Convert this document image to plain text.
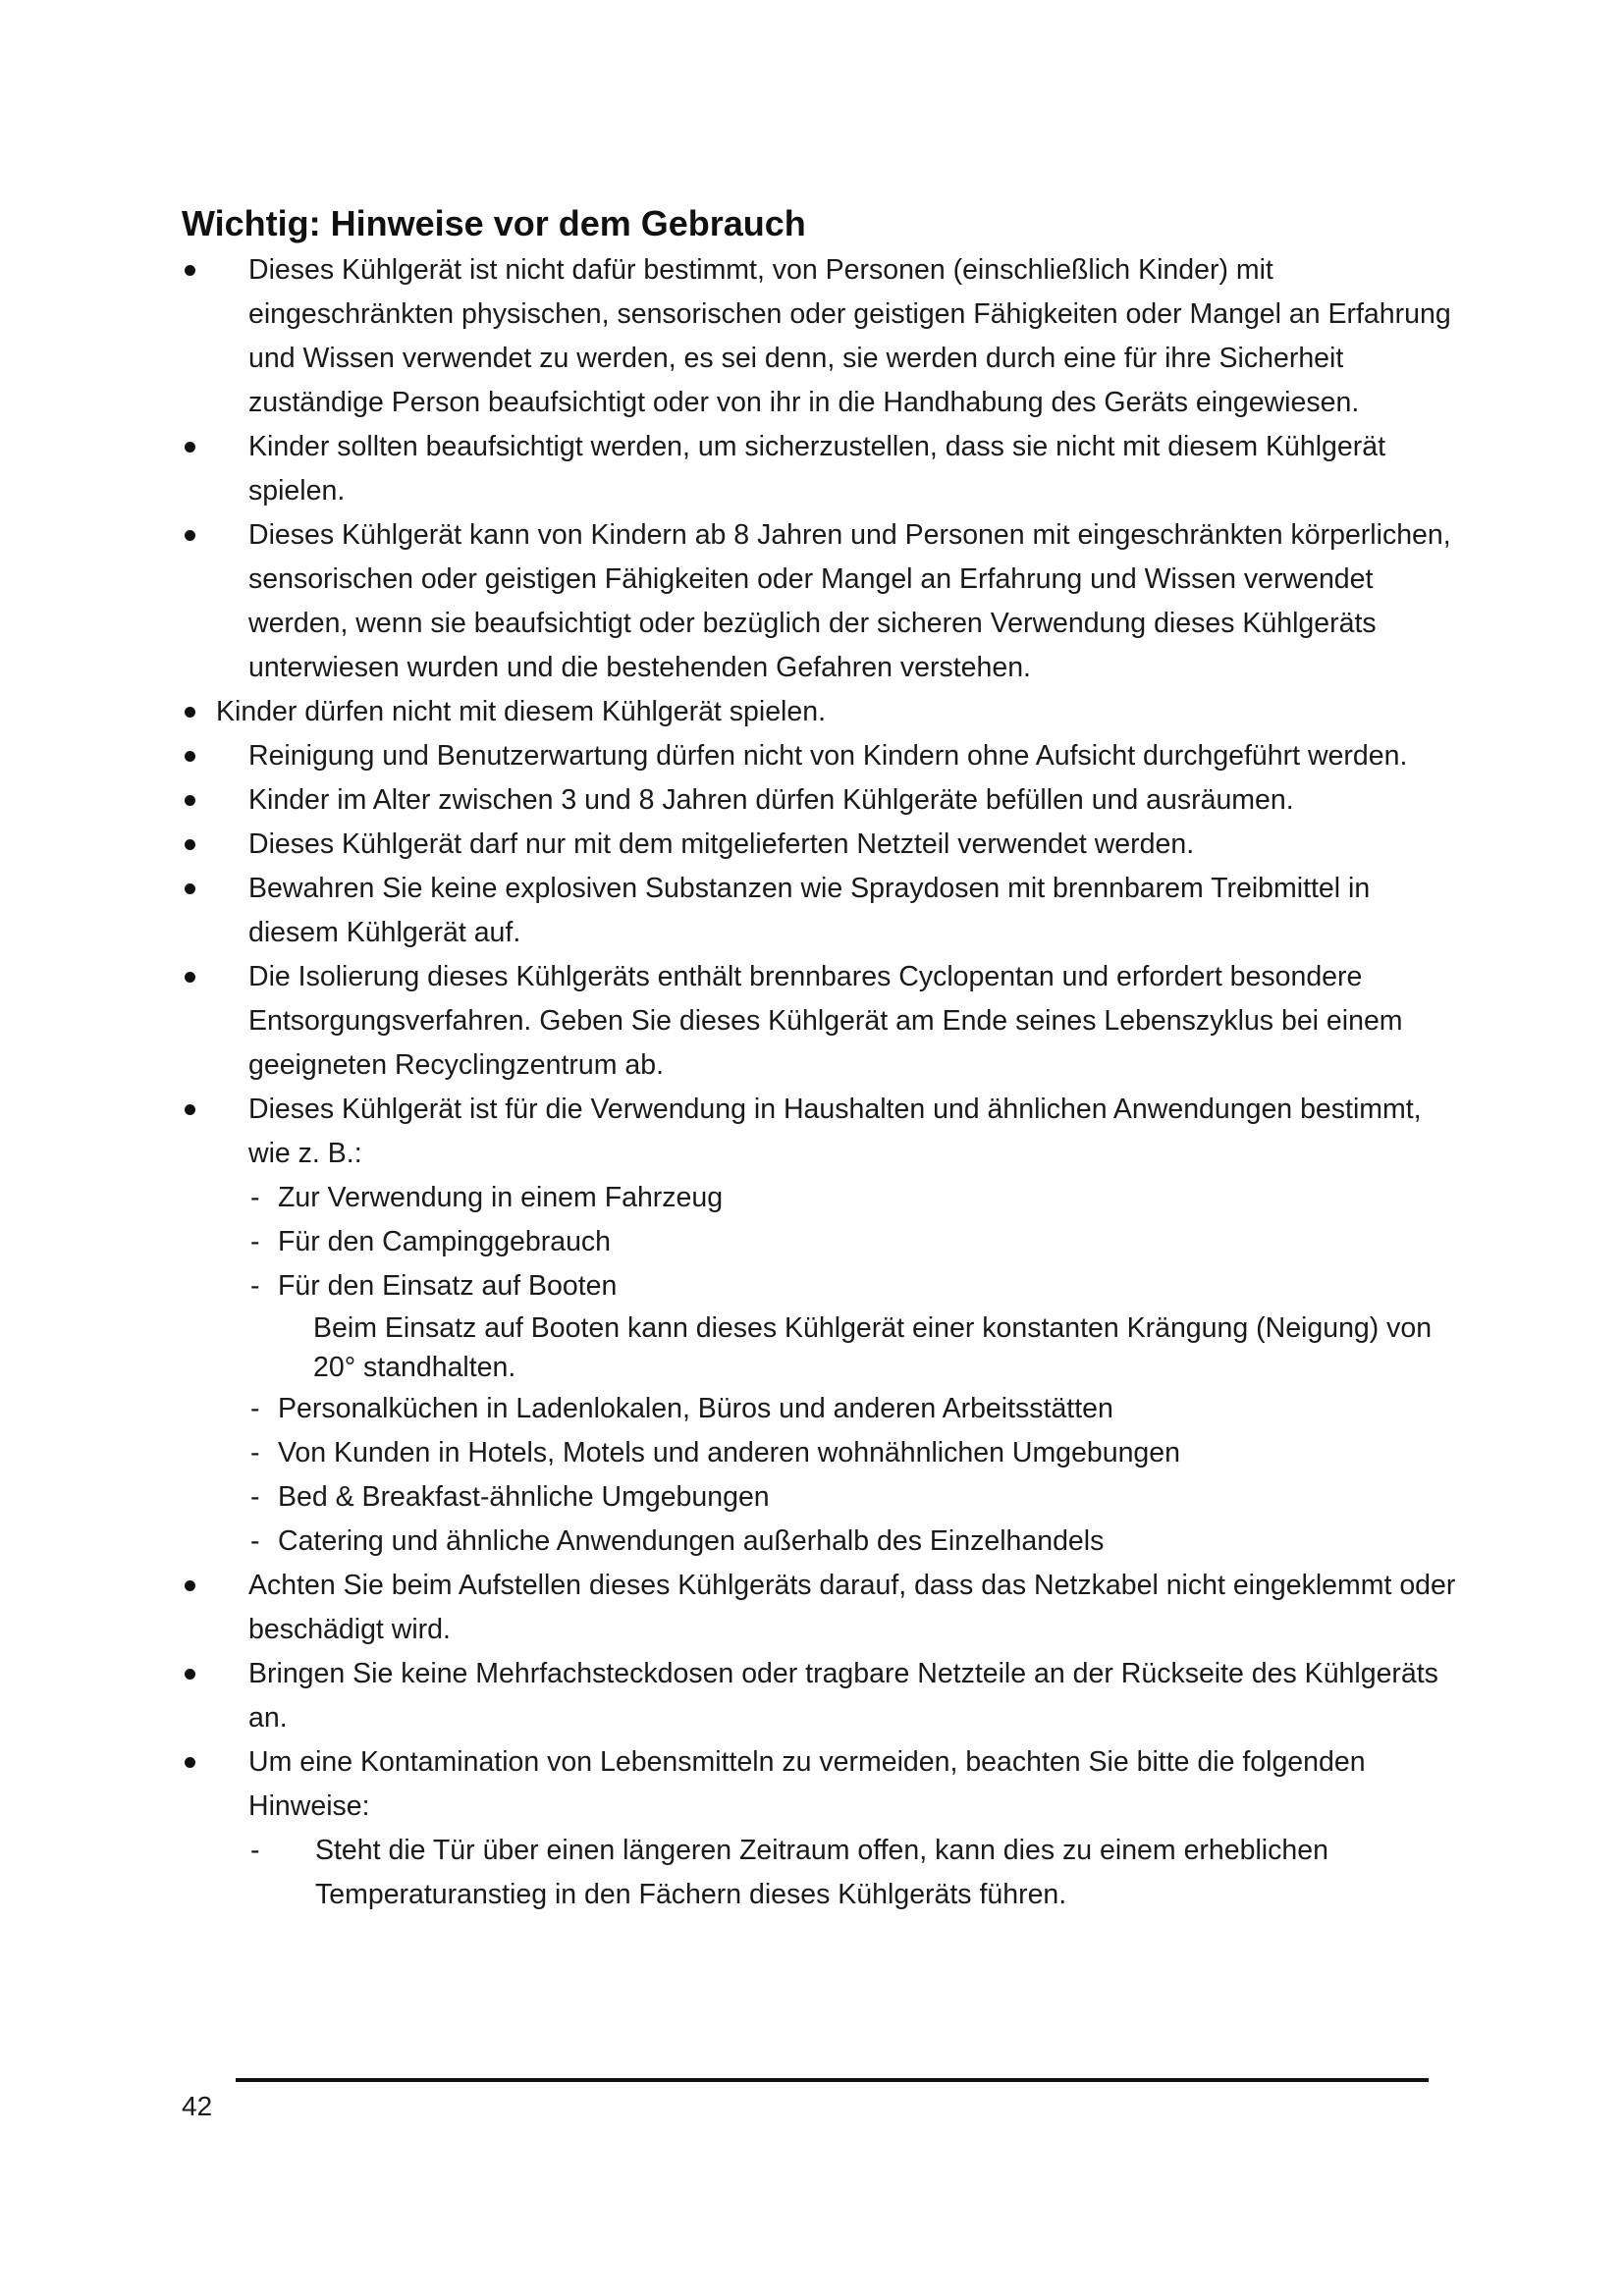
Wichtig: Hinweise vor dem Gebrauch
Dieses Kühlgerät ist nicht dafür bestimmt, von Personen (einschließlich Kinder) mit eingeschränkten physischen, sensorischen oder geistigen Fähigkeiten oder Mangel an Erfahrung und Wissen verwendet zu werden, es sei denn, sie werden durch eine für ihre Sicherheit zuständige Person beaufsichtigt oder von ihr in die Handhabung des Geräts eingewiesen.
Kinder sollten beaufsichtigt werden, um sicherzustellen, dass sie nicht mit diesem Kühlgerät spielen.
Dieses Kühlgerät kann von Kindern ab 8 Jahren und Personen mit eingeschränkten körperlichen, sensorischen oder geistigen Fähigkeiten oder Mangel an Erfahrung und Wissen verwendet werden, wenn sie beaufsichtigt oder bezüglich der sicheren Verwendung dieses Kühlgeräts unterwiesen wurden und die bestehenden Gefahren verstehen.
Kinder dürfen nicht mit diesem Kühlgerät spielen.
Reinigung und Benutzerwartung dürfen nicht von Kindern ohne Aufsicht durchgeführt werden.
Kinder im Alter zwischen 3 und 8 Jahren dürfen Kühlgeräte befüllen und ausräumen.
Dieses Kühlgerät darf nur mit dem mitgelieferten Netzteil verwendet werden.
Bewahren Sie keine explosiven Substanzen wie Spraydosen mit brennbarem Treibmittel in diesem Kühlgerät auf.
Die Isolierung dieses Kühlgeräts enthält brennbares Cyclopentan und erfordert besondere Entsorgungsverfahren. Geben Sie dieses Kühlgerät am Ende seines Lebenszyklus bei einem geeigneten Recyclingzentrum ab.
Dieses Kühlgerät ist für die Verwendung in Haushalten und ähnlichen Anwendungen bestimmt, wie z. B.:
- Zur Verwendung in einem Fahrzeug
- Für den Campinggebrauch
- Für den Einsatz auf Booten
Beim Einsatz auf Booten kann dieses Kühlgerät einer konstanten Krängung (Neigung) von 20° standhalten.
- Personalküchen in Ladenlokalen, Büros und anderen Arbeitsstätten
- Von Kunden in Hotels, Motels und anderen wohnähnlichen Umgebungen
- Bed & Breakfast-ähnliche Umgebungen
- Catering und ähnliche Anwendungen außerhalb des Einzelhandels
Achten Sie beim Aufstellen dieses Kühlgeräts darauf, dass das Netzkabel nicht eingeklemmt oder beschädigt wird.
Bringen Sie keine Mehrfachsteckdosen oder tragbare Netzteile an der Rückseite des Kühlgeräts an.
Um eine Kontamination von Lebensmitteln zu vermeiden, beachten Sie bitte die folgenden Hinweise:
- Steht die Tür über einen längeren Zeitraum offen, kann dies zu einem erheblichen Temperaturanstieg in den Fächern dieses Kühlgeräts führen.
42
